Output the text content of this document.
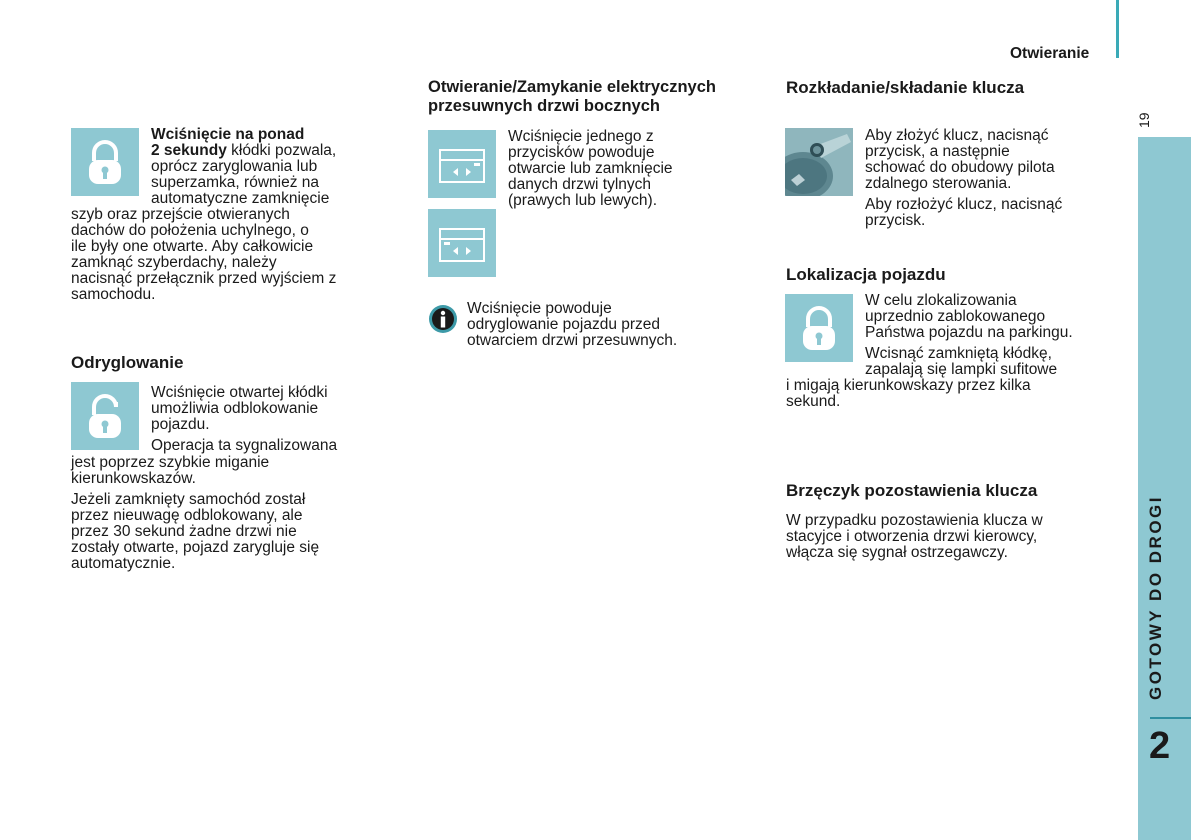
Otwieranie
19
GOTOWY DO DROGI
2
Wciśnięcie na ponad
2 sekundy kłódki pozwala,
oprócz zaryglowania lub
superzamka, również na
automatyczne zamknięcie
szyb oraz przejście otwieranych
dachów do położenia uchylnego, o
ile były one otwarte. Aby całkowicie
zamknąć szyberdachy, należy
nacisnąć przełącznik przed wyjściem z
samochodu.
Odryglowanie
Wciśnięcie otwartej kłódki
umożliwia odblokowanie
pojazdu.
Operacja ta sygnalizowana
jest poprzez szybkie miganie
kierunkowskazów.
Jeżeli zamknięty samochód został
przez nieuwagę odblokowany, ale
przez 30 sekund żadne drzwi nie
zostały otwarte, pojazd zarygluje się
automatycznie.
Otwieranie/Zamykanie elektrycznych
przesuwnych drzwi bocznych
Wciśnięcie jednego z
przycisków powoduje
otwarcie lub zamknięcie
danych drzwi tylnych
(prawych lub lewych).
Wciśnięcie powoduje
odryglowanie pojazdu przed
otwarciem drzwi przesuwnych.
Rozkładanie/składanie klucza
Aby złożyć klucz, nacisnąć
przycisk, a następnie
schować do obudowy pilota
zdalnego sterowania.
Aby rozłożyć klucz, nacisnąć
przycisk.
Lokalizacja pojazdu
W celu zlokalizowania
uprzednio zablokowanego
Państwa pojazdu na parkingu.
Wcisnąć zamkniętą kłódkę,
zapalają się lampki sufitowe
i migają kierunkowskazy przez kilka
sekund.
Brzęczyk pozostawienia klucza
W przypadku pozostawienia klucza w
stacyjce i otworzenia drzwi kierowcy,
włącza się sygnał ostrzegawczy.
